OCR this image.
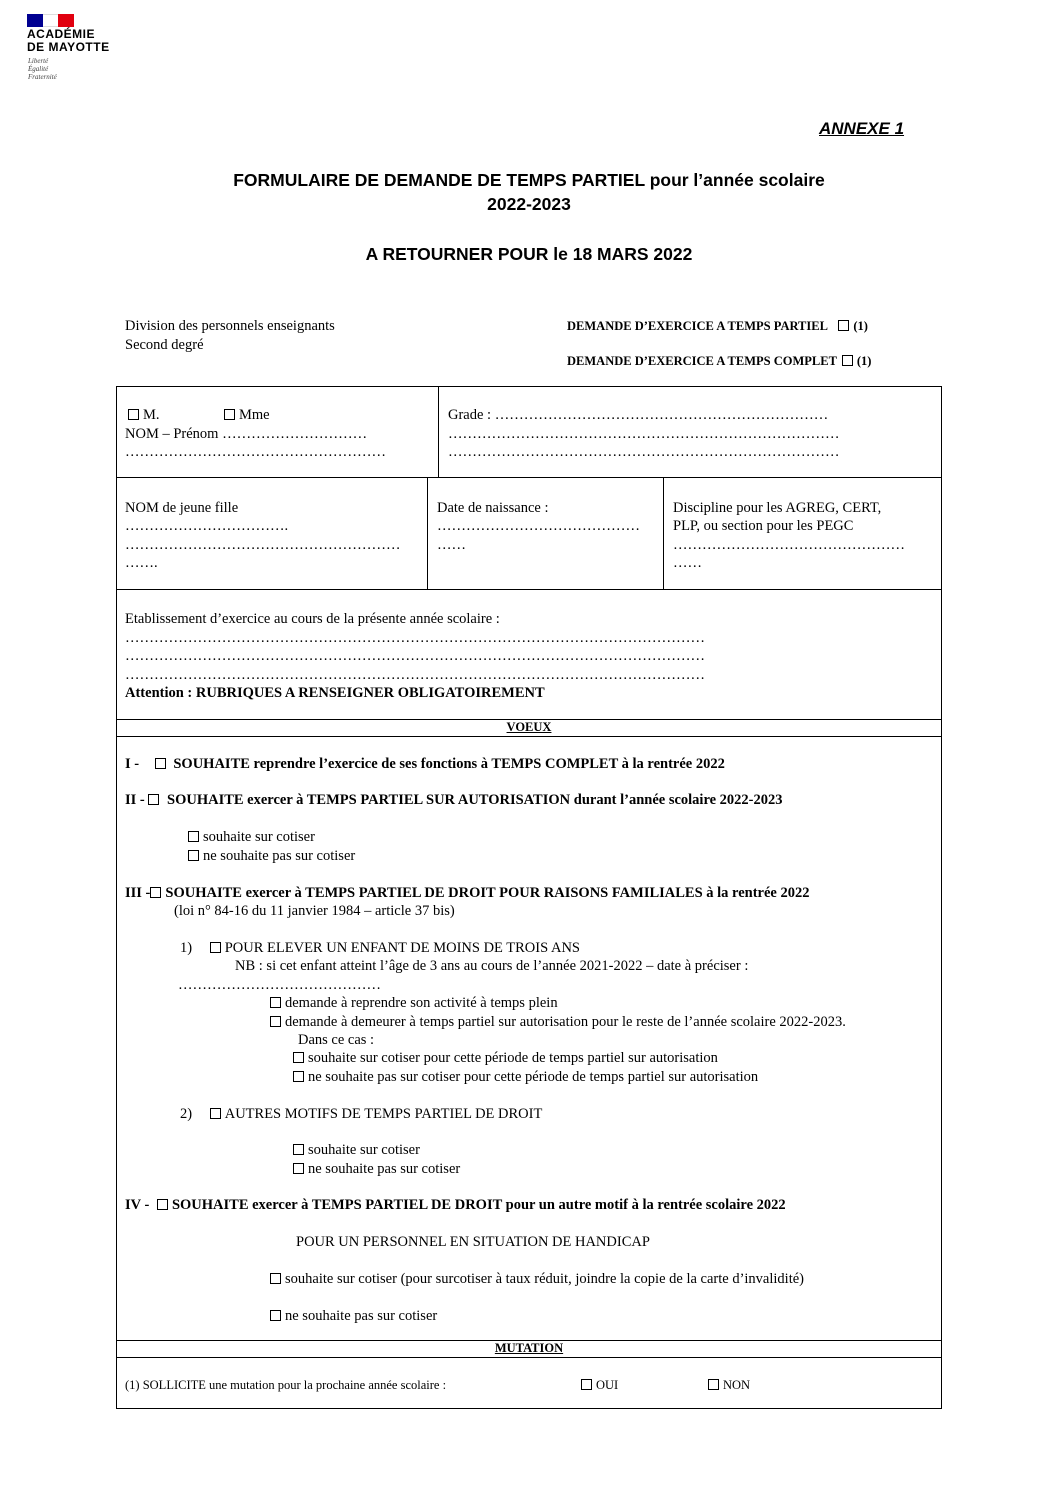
ACADÉMIE
DE MAYOTTE
Liberté
Égalité
Fraternité
ANNEXE 1
FORMULAIRE DE DEMANDE DE TEMPS PARTIEL pour l’année scolaire
2022-2023
A RETOURNER POUR le 18 MARS 2022
Division des personnels enseignants
Second degré
DEMANDE D’EXERCICE A TEMPS PARTIEL (1)
DEMANDE D’EXERCICE A TEMPS COMPLET (1)
M.	Mme
NOM – Prénom …………………………
………………………………………………
Grade : ……………………………………………………………
………………………………………………………………………
………………………………………………………………………
NOM de jeune fille
…………………………….
…………………………………………………
…….
Date de naissance :
……………………………………
……
Discipline pour les AGREG, CERT,
PLP, ou section pour les PEGC
…………………………………………
……
Etablissement d’exercice au cours de la présente année scolaire :
…………………………………………………………………………………………………………
…………………………………………………………………………………………………………
…………………………………………………………………………………………………………
Attention : RUBRIQUES A RENSEIGNER OBLIGATOIREMENT
VOEUX
I - SOUHAITE reprendre l’exercice de ses fonctions à TEMPS COMPLET à la rentrée 2022
II - SOUHAITE exercer à TEMPS PARTIEL SUR AUTORISATION durant l’année scolaire 2022-2023
souhaite sur cotiser
ne souhaite pas sur cotiser
III - SOUHAITE exercer à TEMPS PARTIEL DE DROIT POUR RAISONS FAMILIALES à la rentrée 2022
(loi n° 84-16 du 11 janvier 1984 – article 37 bis)
1) POUR ELEVER UN ENFANT DE MOINS DE TROIS ANS
NB : si cet enfant atteint l’âge de 3 ans au cours de l’année 2021-2022 – date à préciser :
……………………………………
demande à reprendre son activité à temps plein
demande à demeurer à temps partiel sur autorisation pour le reste de l’année scolaire 2022-2023.
Dans ce cas :
souhaite sur cotiser pour cette période de temps partiel sur autorisation
ne souhaite pas sur cotiser pour cette période de temps partiel sur autorisation
2) AUTRES MOTIFS DE TEMPS PARTIEL DE DROIT
souhaite sur cotiser
ne souhaite pas sur cotiser
IV - SOUHAITE exercer à TEMPS PARTIEL DE DROIT pour un autre motif à la rentrée scolaire 2022
POUR UN PERSONNEL EN SITUATION DE HANDICAP
souhaite sur cotiser (pour surcotiser à taux réduit, joindre la copie de la carte d’invalidité)
ne souhaite pas sur cotiser
MUTATION
(1) SOLLICITE une mutation pour la prochaine année scolaire :	OUI	NON
